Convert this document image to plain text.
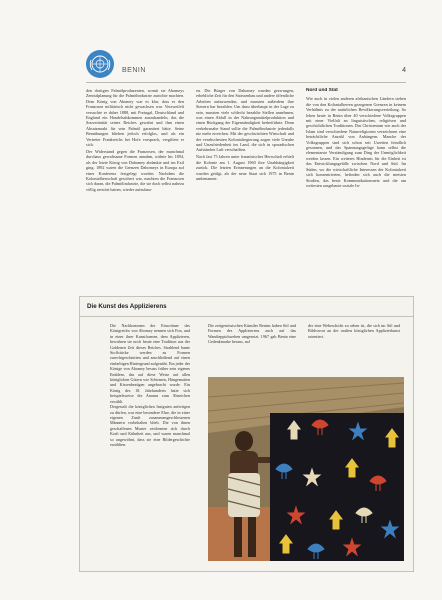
BENIN	4

den dortigen Palmölproduzenten, womit sie Abomeys Zentralplanung für die Palmölindustrie zunichte machten. Dem König von Abomey war es klar, dass er den Franzosen militärisch nicht gewachsen war. Verzweifelt versuchte er daher 1888, mit Portugal, Deutschland und England ein Handelsabkommen auszuhandeln, das die Souveränität seines Reiches gewahrt und ihm einen Absatzmarkt für sein Palmöl garantiert hätte. Seine Bemühungen blieben jedoch erfolglos, und als ein Vertreter Frankreichs bei Hofe vorsprach, vergiftete er sich.

Der Widerstand gegen die Franzosen, der manchmal durchaus gewaltsame Formen annahm, währte bis 1894, als der letzte König von Dahomey abdankte und ins Exil ging. 1892 waren die Grenzen Dahomeys in Europa auf einer Konferenz festgelegt worden. Nachdem die Kolonialherrschaft gesichert war, machten die Franzosen sich daran, die Palmölindustrie, die sie doch selbst nahezu völlig zerstört hatten, wieder aufzubau-

en. Die Bürger von Dahomey wurden gezwungen, erhebliche Zeit für den Strassenbau und andere öffentliche Arbeiten aufzuwenden, und mussten außerdem ihre Steuern bar bezahlen. Um dazu überhaupt in der Lage zu sein, mussten viele schlecht bezahlte Stellen annehmen, was einen Abfall in der Nahrungsmittelproduktion und einen Rückgang der Eigenständigkeit herbeiführte. Denn verkehrsnahe Stand sollte die Palmölindustrie jedenfalls nie mehr erreichen. Mit der geschwächten Wirtschaft und der verabscheuten Kolonialregierung zogen viele Unruhe und Unzufriedenheit ins Land, die sich in sporadischen Aufständen Luft verschafften.

Nach fast 75 Jahren unter französischer Herrschaft erhielt die Kolonie am 1. August 1960 ihre Unabhängigkeit zurück. Die letzten Erinnerungen an die Kolonialzeit wurden getilgt, als der neue Staat sich 1975 in Benin umbenannte.

Nord und Süd

Wie auch in vielen anderen afrikanischen Ländern stehen die von den Kolonialherren gezogenen Grenzen in keinem Verhältnis zu der natürlichen Bevölkerungsverteilung. So leben heute in Benin über 40 verschiedene Volksgruppen mit einer Vielfalt an linguistischen, religiösen und geschichtlichen Traditionen. Das Christentum wie auch der Islam sind verschiedene Naturreligionen verzeichnen eine beträchtliche Anzahl von Anhängern. Manche der Volksgruppen sind sich schon seit Urzeiten feindlich gesonnen, und das Spannungsgefüge kann selbst die elementarste Verständigung zum Ding der Unmöglichkeit werden lassen. Ein weiteres Hindernis für die Einheit ist das Entwicklungsgefälle zwischen Nord und Süd. Im Süden, wo die wirtschaftliche Interessen der Kolonialzeit sich konzentrierten, befinden sich auch die meisten Straßen, das beste Kommunikationsnetz und die am weitesten ausgebaute soziale In-

Die Kunst des Applizierens

Die Nachkommen der Einwohner des Königreichs von Abomey nennen sich Fon, und in einer ihrer Kunstformen, dem Applizieren, bewahren sie noch heute eine Tradition aus der Goldenen Zeit dieses Reiches. Strahlend bunte Stoffstücke werden zu Formen zurechtgeschnitten und anschließend auf einen einfarbigen Hintergrund aufgenäht. Ein jeder der Könige von Abomey besass früher sein eigenes Emblem, das auf diese Weise auf allen königlichen Gütern wie Schirmen, Hängematten und Kissenbezügen angebracht wurde. Ein König des 18. Jahrhunderts hatte sich beispielsweise die Ananas zum Abzeichen erwählt.

Dergestalt die königlichen Insignien anfertigen zu dürfen, war eine besondere Ehre, die in einer eigenen Zunft zusammengeschlossenen Männern vorbehalten blieb. Die von ihnen geschaffenen Muster zeichneten sich durch Kraft und Kühnheit aus, und waren manchmal so ungewöhnt, dass sie eine Bildergeschichte erzählten.

Die zeitgenössischen Künstler Benins haben Stil und Formen des Applizierens auch auf das Wandteppichweben umgesetzt. 1967 gab Benin eine Gedenkmarke heraus, auf

der eine Webeschicht zu sehen ist, die sich im Stil und Bildvorrat an der uralten königlichen Applizierkunst orientiert.
